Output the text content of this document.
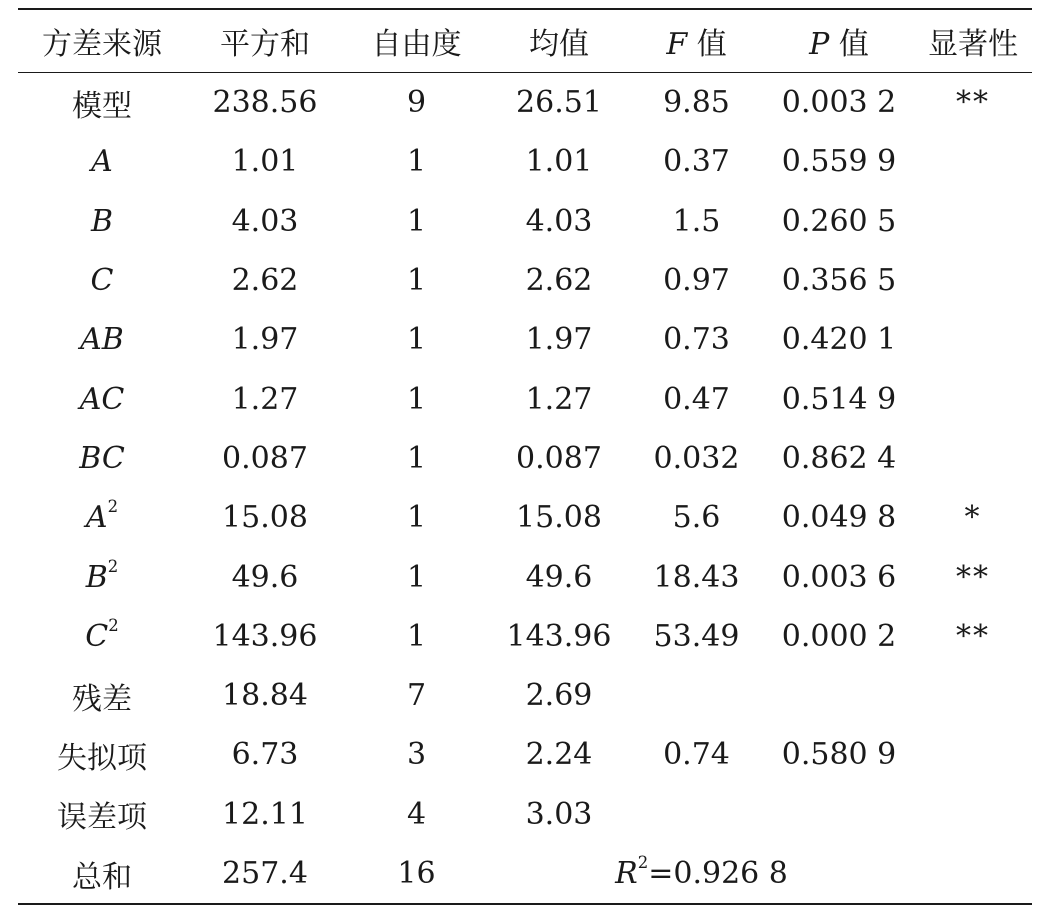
方差来源	平方和	自由度	均值	F 值	P 值	显著性
模型	238.56	9	26.51	9.85	0.003 2	**
A	1.01	1	1.01	0.37	0.559 9	
B	4.03	1	4.03	1.5	0.260 5	
C	2.62	1	2.62	0.97	0.356 5	
AB	1.97	1	1.97	0.73	0.420 1	
AC	1.27	1	1.27	0.47	0.514 9	
BC	0.087	1	0.087	0.032	0.862 4	
$A^2$	15.08	1	15.08	5.6	0.049 8	*
$B^2$	49.6	1	49.6	18.43	0.003 6	**
$C^2$	143.96	1	143.96	53.49	0.000 2	**
残差	18.84	7	2.69			
失拟项	6.73	3	2.24	0.74	0.580 9	
误差项	12.11	4	3.03			
总和	257.4	16	$R^2=0.926$ 8			
